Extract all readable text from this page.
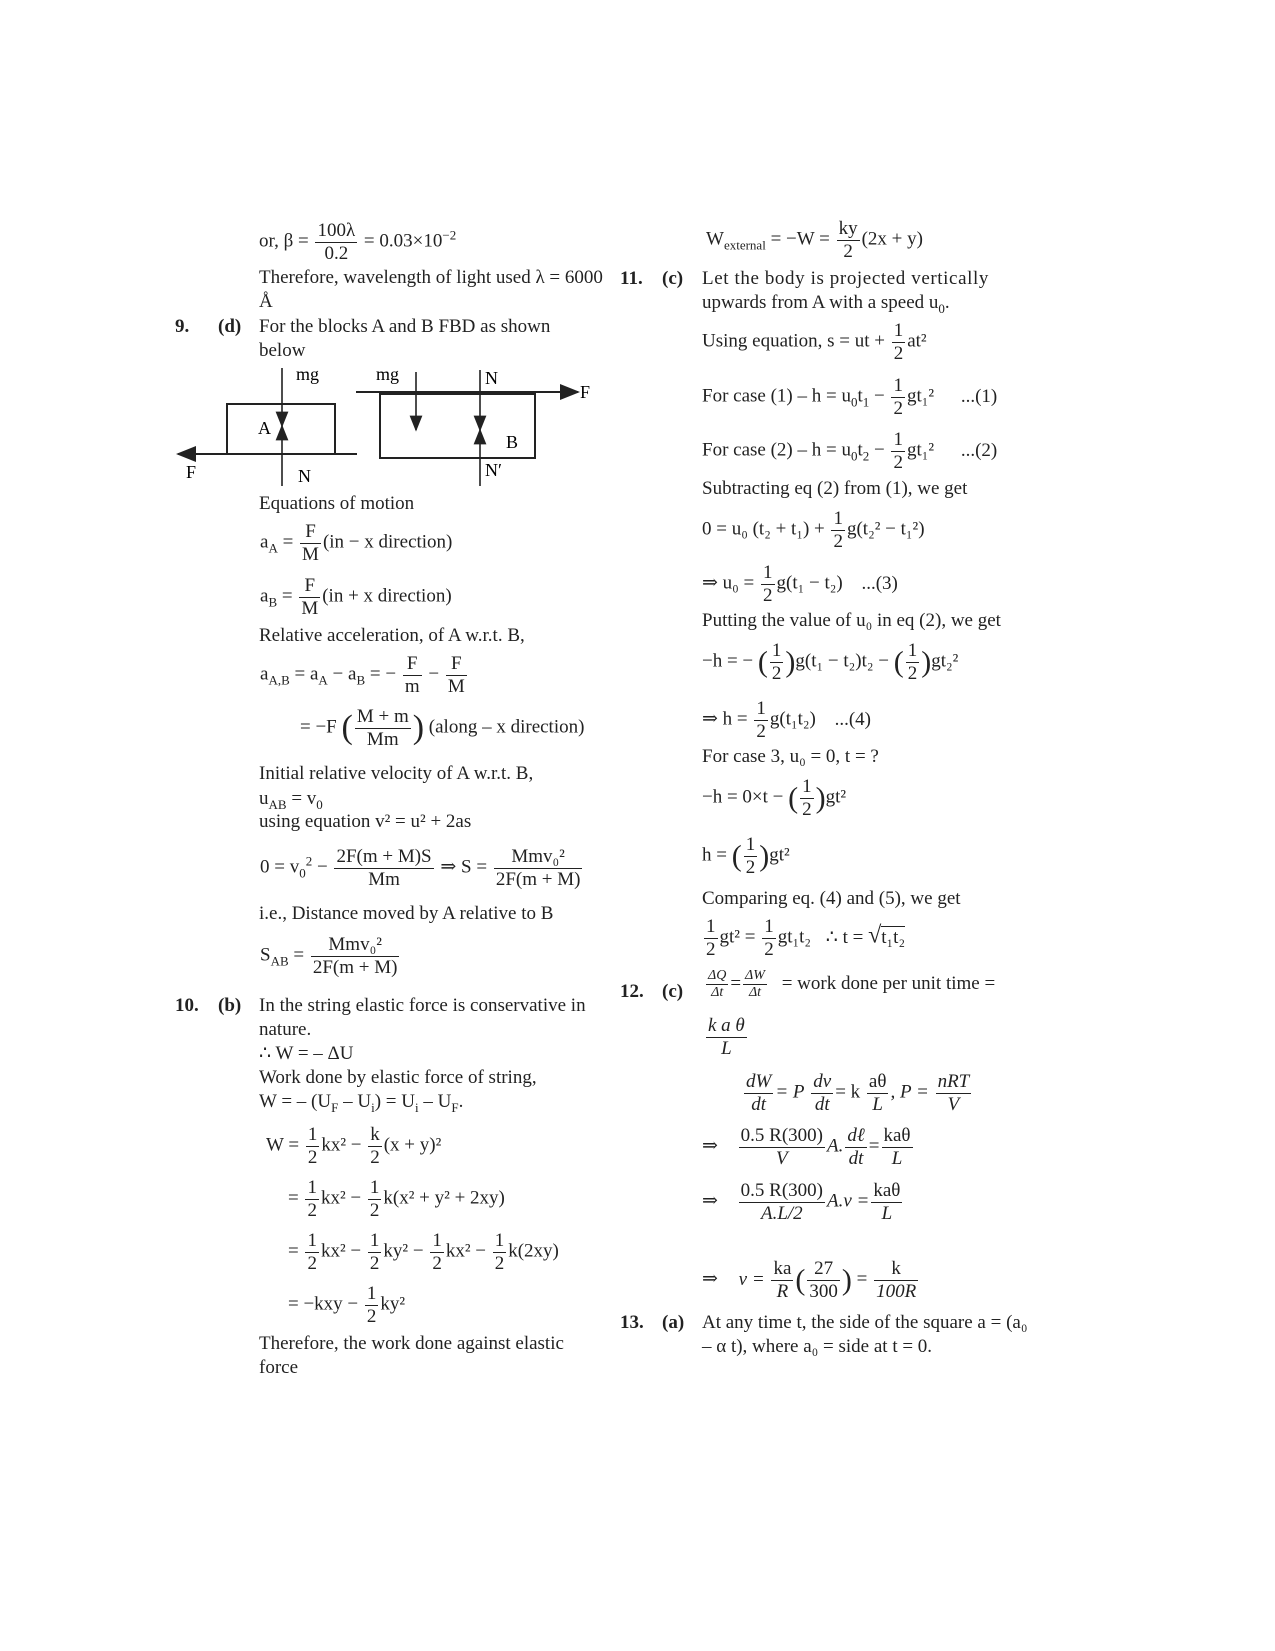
or, $\beta = \frac{100\lambda}{0.2} = 0.03\times 10^{-2}$
Therefore, wavelength of light used λ = 6000
Å
9. (d) For the blocks A and B FBD as shown
below
A
F
mg
N
B
F
mg	N
N′
Equations of motion
$a_A = \frac{F}{M} (in - x$ direction)
$a_B = \frac{F}{M} (in + x$ direction)
Relative acceleration, of A w.r.t. B,
$a_{A,B} = a_A - a_B$ = − $\frac{F}{m} - \frac{F}{M}$
= −F ( $\frac{M + m}{Mm}$ ) (along – x direction)
Initial relative velocity of A w.r.t. B,
$u_{AB} = v_0$
using equation v² = u² + 2as
$0 = v_0^2 - \frac{2F(m + M)S}{Mm}$ ⇒ $S = \frac{\text{Mmv₀²}}{2F(m + M)}$
i.e., Distance moved by A relative to B
$S_{AB} = \frac{\text{Mmv₀²}}{2F(m + M)}$
10. (b) In the string elastic force is conservative in
nature.
∴ W = – ΔU
Work done by elastic force of string,
W = – $(U_F - U_i) = U_i - U_F$.
$W = \frac{1}{2} kx^2 - \frac{k}{2} (x + y)^2$
= $\frac{1}{2} kx^2 - \frac{1}{2} k(x^2 + y^2 + 2xy)$
= $\frac{1}{2} kx^2 - \frac{1}{2} ky^2 - \frac{1}{2} kx^2 - \frac{1}{2} k(2xy)$
= $-kxy - \frac{1}{2} ky^2$
Therefore, the work done against elastic
force
$W_{external} = -W = \frac{ky}{2} (2x + y)$
11. (c) Let the body is projected vertically
upwards from A with a speed $u_0$.
Using equation, s = ut + $\frac{1}{2} at^2$
For case $(1) - h = u_0t_1 - \frac{1}{2} gt_1^2$ ...(1)
For case $(2) - h = u_0t_2 - \frac{1}{2} gt_1^2$ ...(2)
Subtracting eq (2) from (1), we get
0 = u₀ $(t_2 + t_1) + \frac{1}{2} g(t_2^2 - t_1^2)$
⇒ $u_0 = \frac{1}{2} g(t_1 - t_2)$ ...(3)
Putting the value of u₀ in eq (2), we get
−h = − ( $\frac{1}{2} )g(t_1 - t_2)t_2$ − ( $\frac{1}{2} )gt_2^2$
⇒ $h = \frac{1}{2} g(t_1t_2)$ ...(4)
For case 3, u₀ = 0, t = ?
−h = 0×t − ( $\frac{1}{2} )gt^2$
h = ( $\frac{1}{2} )gt^2$
Comparing eq. (4) and (5), we get
$\frac{1}{2} gt^2 = \frac{1}{2} gt_1t_2$ ∴ t = √t₁t₂
12. $(c) \frac{\Delta Q}{\Delta t} = \frac{\Delta W}{\Delta t}$ = work done per unit time =
$\frac{\text{k a θ}}{L}$
$\frac{dW}{dt} = P \frac{dv}{dt} = k \frac{a\theta}{L}$ , $P = \frac{\text{nRT}}{V}$
⇒ $\frac{0.5 R(300)}{V} A$. $\frac{\text{dℓ}}{dt} = \frac{\text{kaθ}}{L}$
⇒ $\frac{0.5 R(300)}{A.L/2} A.v = \frac{\text{kaθ}}{L}$
⇒ $v = \frac{ka}{R}$ ( $\frac{27}{300}$ ) = $\frac{k}{100R}$
13. (a) At any time t, the side of the square a = (a₀
– α t), where a₀ = side at t = 0.
